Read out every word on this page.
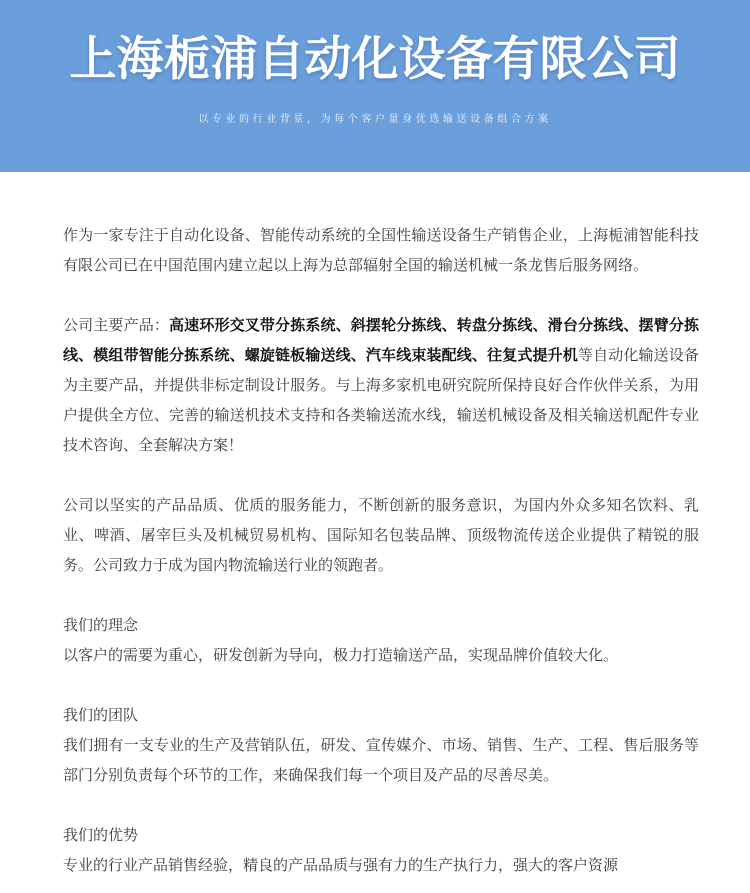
上海栀浦自动化设备有限公司
以专业的行业背景，为每个客户量身优选输送设备组合方案

作为一家专注于自动化设备、智能传动系统的全国性输送设备生产销售企业，上海栀浦智能科技有限公司已在中国范围内建立起以上海为总部辐射全国的输送机械一条龙售后服务网络。

公司主要产品：高速环形交叉带分拣系统、斜摆轮分拣线、转盘分拣线、滑台分拣线、摆臂分拣线、模组带智能分拣系统、螺旋链板输送线、汽车线束装配线、往复式提升机等自动化输送设备为主要产品，并提供非标定制设计服务。与上海多家机电研究院所保持良好合作伙伴关系，为用户提供全方位、完善的输送机技术支持和各类输送流水线，输送机械设备及相关输送机配件专业技术咨询、全套解决方案！

公司以坚实的产品品质、优质的服务能力，不断创新的服务意识，为国内外众多知名饮料、乳业、啤酒、屠宰巨头及机械贸易机构、国际知名包装品牌、顶级物流传送企业提供了精锐的服务。公司致力于成为国内物流输送行业的领跑者。

我们的理念

以客户的需要为重心，研发创新为导向，极力打造输送产品，实现品牌价值较大化。

我们的团队

我们拥有一支专业的生产及营销队伍，研发、宣传媒介、市场、销售、生产、工程、售后服务等部门分别负责每个环节的工作，来确保我们每一个项目及产品的尽善尽美。

我们的优势

专业的行业产品销售经验，精良的产品品质与强有力的生产执行力，强大的客户资源
